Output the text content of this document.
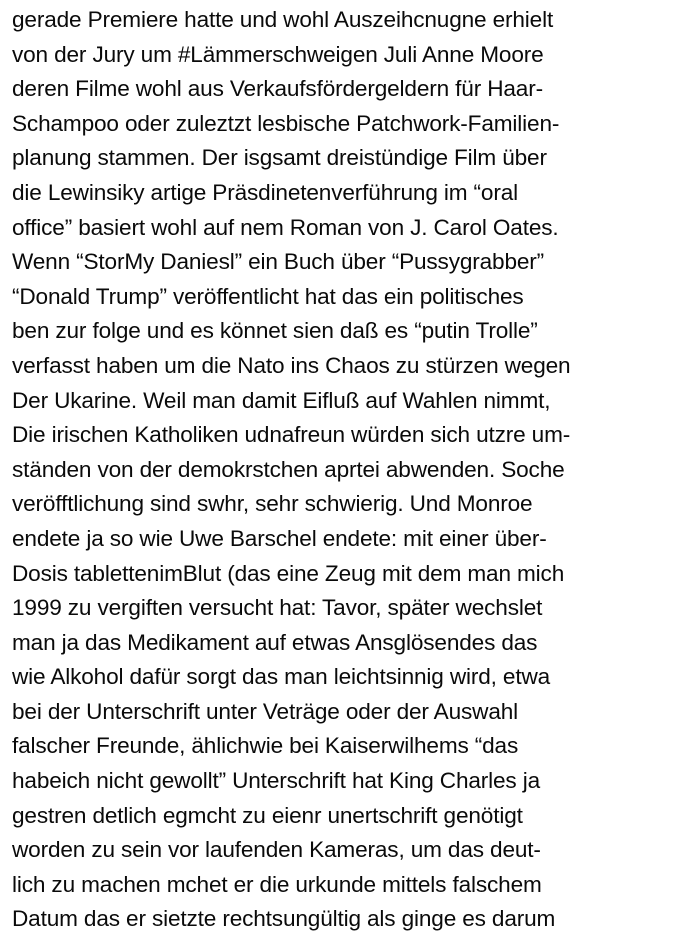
gerade Premiere hatte und wohl Auszeihcnugne erhielt
von der Jury um #Lämmerschweigen Juli Anne Moore
deren Filme wohl aus Verkaufsfördergeldern für Haar-
Schampoo oder zuleztzt lesbische Patchwork-Familien-
planung stammen. Der isgsamt dreistündige Film über
die Lewinsiky artige Präsdinetenverführung im “oral
office” basiert wohl auf nem Roman von J. Carol Oates.
Wenn “StorMy Daniesl” ein Buch über “Pussygrabber”
“Donald Trump” veröffentlicht hat das ein politisches
ben zur folge und es könnet sien daß es “putin Trolle”
verfasst haben um die Nato ins Chaos zu stürzen wegen
Der Ukarine. Weil man damit Eifluß auf Wahlen nimmt,
Die irischen Katholiken udnafreun würden sich utzre um-
ständen von der demokrstchen aprtei abwenden. Soche
veröfftlichung sind swhr, sehr schwierig. Und Monroe
endete ja so wie Uwe Barschel endete: mit einer über-
Dosis tablettenimBlut (das eine Zeug mit dem man mich
1999 zu vergiften versucht hat: Tavor, später wechslet
man ja das Medikament auf etwas Ansglösendes das
wie Alkohol dafür sorgt das man leichtsinnig wird, etwa
bei der Unterschrift unter Veträge oder der Auswahl
falscher Freunde, ählichwie bei Kaiserwilhems “das
habeich nicht gewollt” Unterschrift hat King Charles ja
gestren detlich egmcht zu eienr unertschrift genötigt
worden zu sein vor laufenden Kameras, um das deut-
lich zu machen mchet er die urkunde mittels falschem
Datum das er sietzte rechtsungültig als ginge es darum
